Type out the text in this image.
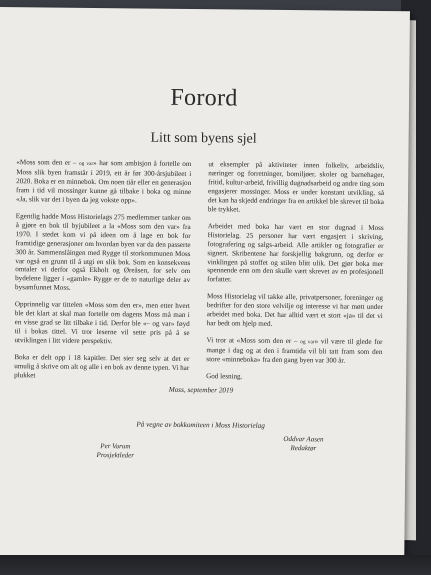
Forord
Litt som byens sjel

«Moss som den er – og var» har som ambisjon å fortelle om Moss slik byen framstår i 2019, ett år før 300-årsjubileet i 2020. Boka er en minnebok. Om noen tiår eller en generasjon fram i tid vil mossinger kunne gå tilbake i boka og minne «Ja, slik var det i byen da jeg vokste opp».

Egentlig hadde Moss Historielags 275 medlemmer tanker om å gjøre en bok til byjubileet a la «Moss som den var» fra 1970. I stedet kom vi på ideen om å lage en bok for framtidige generasjoner om hvordan byen var da den passerte 300 år. Sammenslåingen med Rygge til storkommunen Moss var også en grunn til å utgi en slik bok. Som en konsekvens omtaler vi derfor også Ekholt og Øreåsen, for selv om bydelene ligger i «gamle» Rygge er de to naturlige deler av bysamfunnet Moss.

Opprinnelig var tittelen «Moss som den er», men etter hvert ble det klart at skal man fortelle om dagens Moss må man i en visse grad se litt tilbake i tid. Derfor ble «– og var» føyd til i bokas tittel. Vi tror leserne vil sette pris på å se utviklingen i litt videre perspektiv.

Boka er delt opp i 18 kapitler. Det sier seg selv at det er umulig å skrive om alt og alle i en bok av denne typen. Vi har plukket

ut eksempler på aktiviteter innen folkeliv, arbeidsliv, næringer og forretninger, bomiljøer, skoler og barnehager, fritid, kultur-arbeid, frivillig dugnadsarbeid og andre ting som engasjerer mossinger. Moss er under konstant utvikling, så det kan ha skjedd endringer fra en artikkel ble skrevet til boka ble trykket.

Arbeidet med boka har vært en stor dugnad i Moss Historielag. 25 personer har vært engasjert i skriving, fotografering og salgs-arbeid. Alle artikler og fotografier er signert. Skribentene har forskjellig bakgrunn, og derfor er vinklingen på stoffet og stilen blitt ulik. Det gjør boka mer spennende enn om den skulle vært skrevet av en profesjonell forfatter.

Moss Historielag vil takke alle, privatpersoner, foreninger og bedrifter for den store velvilje og interesse vi har møtt under arbeidet med boka. Det har alltid vært et stort «ja» til det vi har bedt om hjelp med.

Vi tror at «Moss som den er – og var» vil være til glede for mange i dag og at den i framtida vil bli tatt fram som den store «minneboka» fra den gang byen var 300 år.

God lesning.

Moss, september 2019
På vegne av bokkomiteen i Moss Historielag
Per Vorum
Prosjektleder
Oddvar Aasen
Redaktør
